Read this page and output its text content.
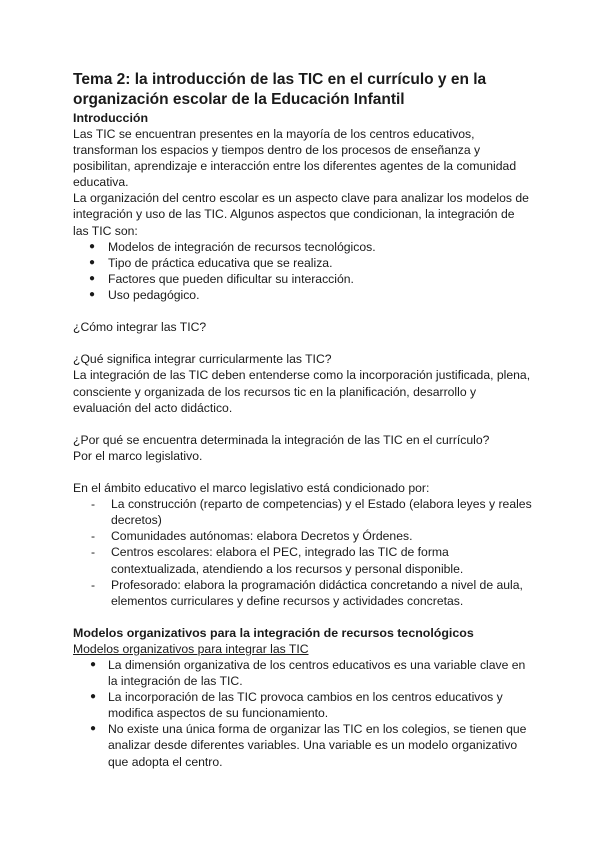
Tema 2: la introducción de las TIC en el currículo y en la organización escolar de la Educación Infantil
Introducción

Las TIC se encuentran presentes en la mayoría de los centros educativos, transforman los espacios y tiempos dentro de los procesos de enseñanza y posibilitan, aprendizaje e interacción entre los diferentes agentes de la comunidad educativa.

La organización del centro escolar es un aspecto clave para analizar los modelos de integración y uso de las TIC. Algunos aspectos que condicionan, la integración de las TIC son:

● Modelos de integración de recursos tecnológicos.
● Tipo de práctica educativa que se realiza.
● Factores que pueden dificultar su interacción.
● Uso pedagógico.

¿Cómo integrar las TIC?

¿Qué significa integrar curricularmente las TIC?

La integración de las TIC deben entenderse como la incorporación justificada, plena, consciente y organizada de los recursos tic en la planificación, desarrollo y evaluación del acto didáctico.

¿Por qué se encuentra determinada la integración de las TIC en el currículo?

Por el marco legislativo.

En el ámbito educativo el marco legislativo está condicionado por:

- La construcción (reparto de competencias) y el Estado (elabora leyes y reales decretos)
- Comunidades autónomas: elabora Decretos y Órdenes.
- Centros escolares: elabora el PEC, integrado las TIC de forma contextualizada, atendiendo a los recursos y personal disponible.
- Profesorado: elabora la programación didáctica concretando a nivel de aula, elementos curriculares y define recursos y actividades concretas.
Modelos organizativos para la integración de recursos tecnológicos

Modelos organizativos para integrar las TIC

● La dimensión organizativa de los centros educativos es una variable clave en la integración de las TIC.
● La incorporación de las TIC provoca cambios en los centros educativos y modifica aspectos de su funcionamiento.
● No existe una única forma de organizar las TIC en los colegios, se tienen que analizar desde diferentes variables. Una variable es un modelo organizativo que adopta el centro.
